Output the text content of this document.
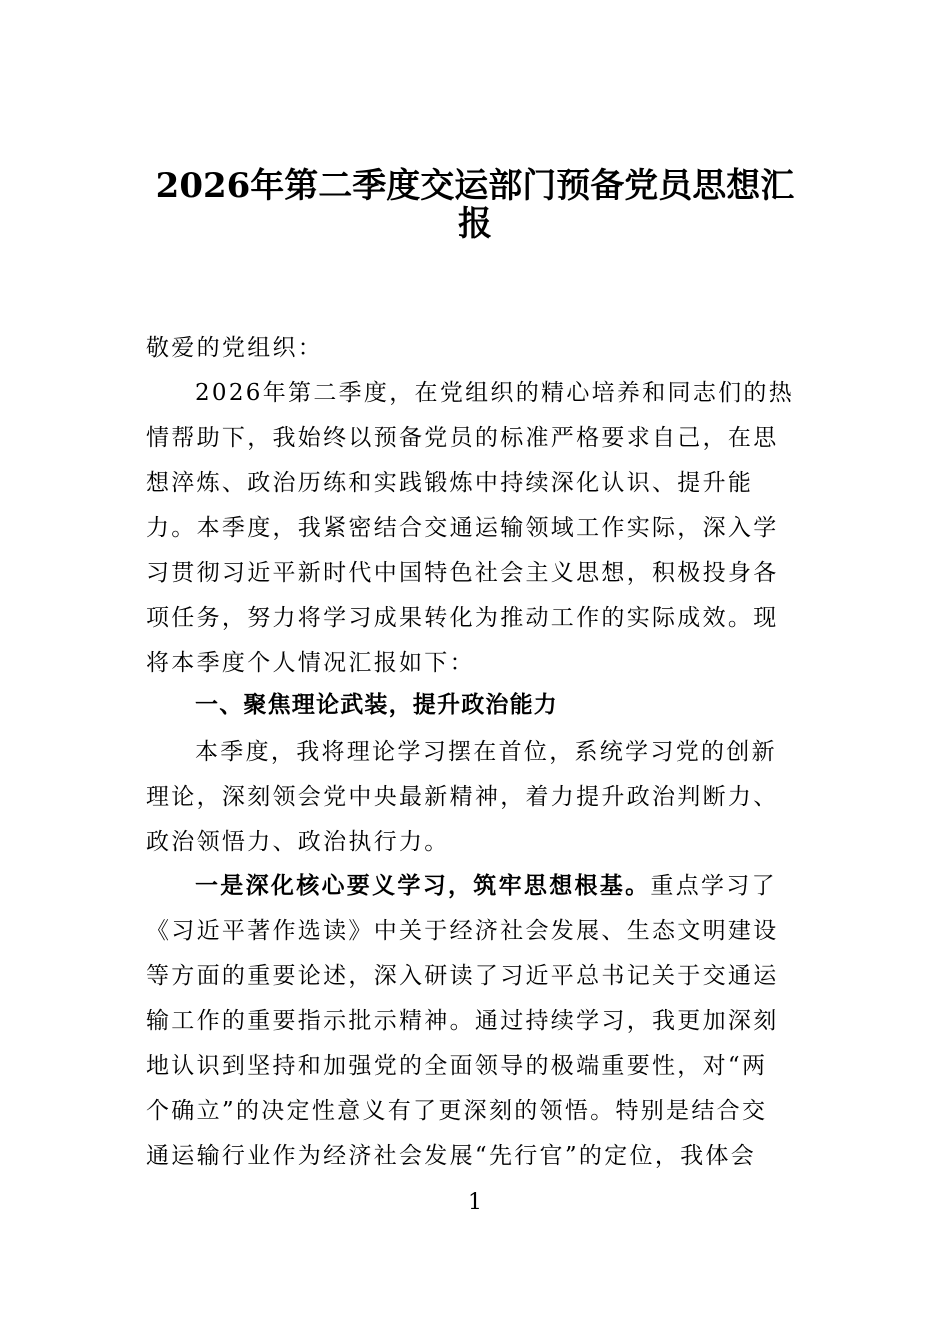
2026年第二季度交运部门预备党员思想汇
报

敬爱的党组织：

2026年第二季度，在党组织的精心培养和同志们的热

情帮助下，我始终以预备党员的标准严格要求自己，在思

想淬炼、政治历练和实践锻炼中持续深化认识、提升能

力。本季度，我紧密结合交通运输领域工作实际，深入学

习贯彻习近平新时代中国特色社会主义思想，积极投身各

项任务，努力将学习成果转化为推动工作的实际成效。现

将本季度个人情况汇报如下：

一、聚焦理论武装，提升政治能力

本季度，我将理论学习摆在首位，系统学习党的创新

理论，深刻领会党中央最新精神，着力提升政治判断力、

政治领悟力、政治执行力。

一是深化核心要义学习，筑牢思想根基。重点学习了

《习近平著作选读》中关于经济社会发展、生态文明建设

等方面的重要论述，深入研读了习近平总书记关于交通运

输工作的重要指示批示精神。通过持续学习，我更加深刻

地认识到坚持和加强党的全面领导的极端重要性，对“两

个确立”的决定性意义有了更深刻的领悟。特别是结合交

通运输行业作为经济社会发展“先行官”的定位，我体会

1
